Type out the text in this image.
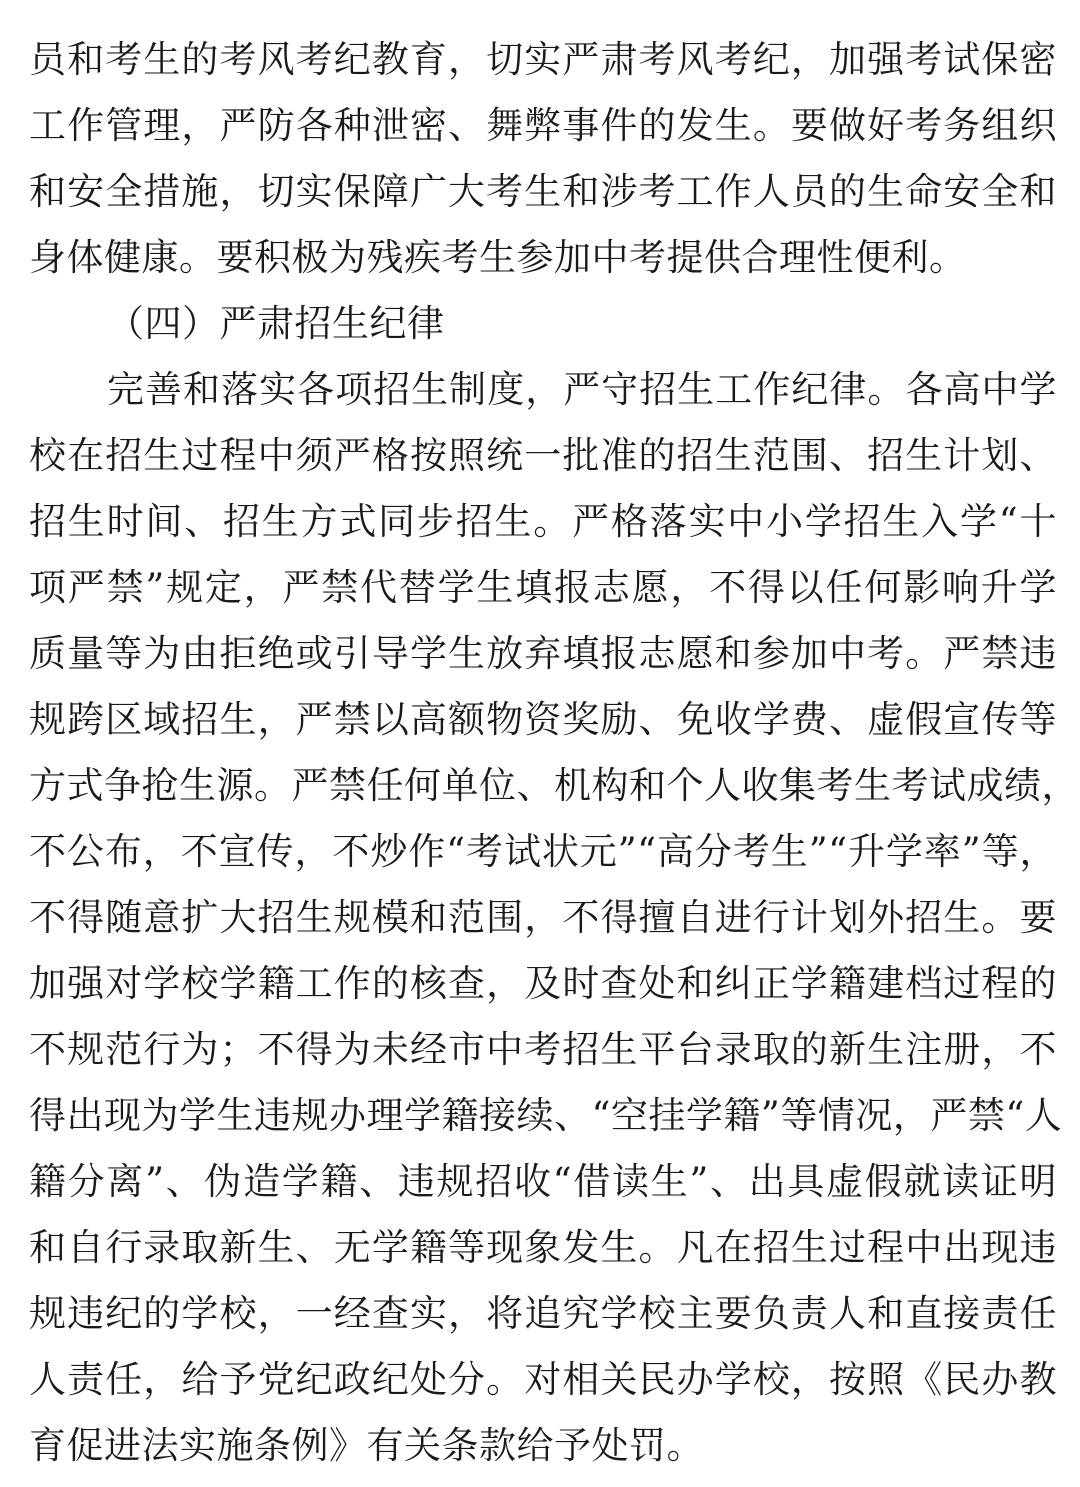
员和考生的考风考纪教育，切实严肃考风考纪，加强考试保密

工作管理，严防各种泄密、舞弊事件的发生。要做好考务组织

和安全措施，切实保障广大考生和涉考工作人员的生命安全和

身体健康。要积极为残疾考生参加中考提供合理性便利。

（四）严肃招生纪律

完善和落实各项招生制度，严守招生工作纪律。各高中学

校在招生过程中须严格按照统一批准的招生范围、招生计划、

招生时间、招生方式同步招生。严格落实中小学招生入学“十

项严禁”规定，严禁代替学生填报志愿，不得以任何影响升学

质量等为由拒绝或引导学生放弃填报志愿和参加中考。严禁违

规跨区域招生，严禁以高额物资奖励、免收学费、虚假宣传等

方式争抢生源。严禁任何单位、机构和个人收集考生考试成绩，

不公布，不宣传，不炒作“考试状元”“高分考生”“升学率”等，

不得随意扩大招生规模和范围，不得擅自进行计划外招生。要

加强对学校学籍工作的核查，及时查处和纠正学籍建档过程的

不规范行为；不得为未经市中考招生平台录取的新生注册，不

得出现为学生违规办理学籍接续、“空挂学籍”等情况，严禁“人

籍分离”、伪造学籍、违规招收“借读生”、出具虚假就读证明

和自行录取新生、无学籍等现象发生。凡在招生过程中出现违

规违纪的学校，一经查实，将追究学校主要负责人和直接责任

人责任，给予党纪政纪处分。对相关民办学校，按照《民办教

育促进法实施条例》有关条款给予处罚。
